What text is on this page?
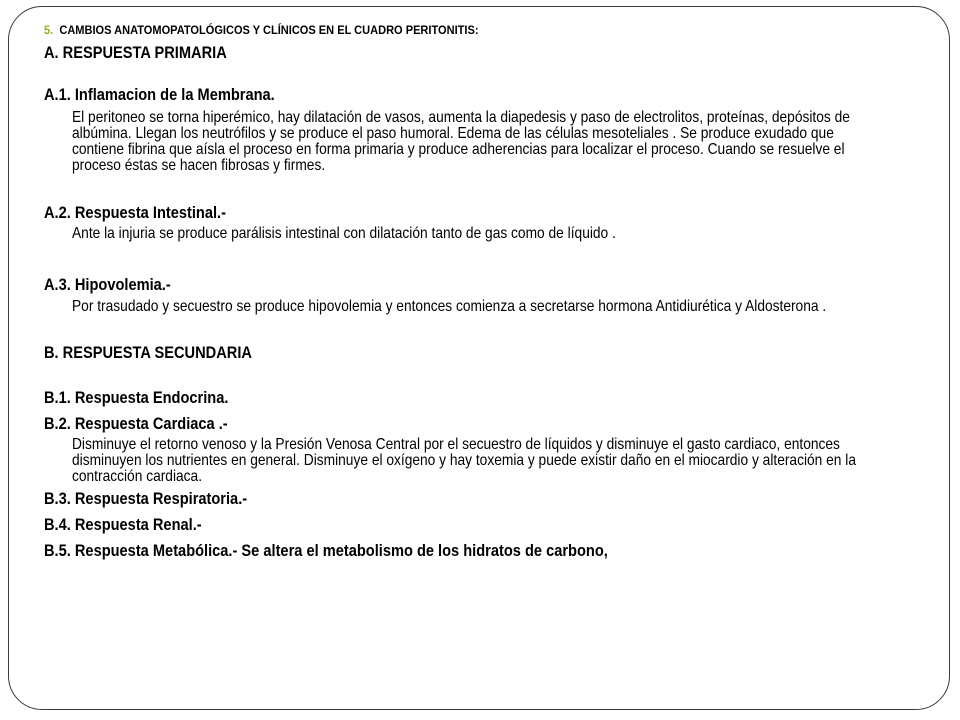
5. CAMBIOS ANATOMOPATOLÓGICOS Y CLÍNICOS EN EL CUADRO PERITONITIS:
A. RESPUESTA PRIMARIA
A.1. Inflamacion de la Membrana.
El peritoneo se torna hiperémico, hay dilatación de vasos, aumenta la diapedesis y paso de electrolitos, proteínas, depósitos de albúmina. Llegan los neutrófilos y se produce el paso humoral. Edema de las células mesoteliales . Se produce exudado que contiene fibrina que aísla el proceso en forma primaria y produce adherencias para localizar el proceso. Cuando se resuelve el proceso éstas se hacen fibrosas y firmes.
A.2. Respuesta Intestinal.-
Ante la injuria se produce parálisis intestinal con dilatación tanto de gas como de líquido .
A.3. Hipovolemia.-
Por trasudado y secuestro se produce hipovolemia y entonces comienza a secretarse hormona Antidiurética y Aldosterona .
B. RESPUESTA SECUNDARIA
B.1. Respuesta Endocrina.
B.2. Respuesta Cardiaca .-
Disminuye el retorno venoso y la Presión Venosa Central por el secuestro de líquidos y disminuye el gasto cardiaco, entonces disminuyen los nutrientes en general. Disminuye el oxígeno y hay toxemia y puede existir daño en el miocardio y alteración en la contracción cardiaca.
B.3. Respuesta Respiratoria.-
B.4. Respuesta Renal.-
B.5. Respuesta Metabólica.- Se altera el metabolismo de los hidratos de carbono,
